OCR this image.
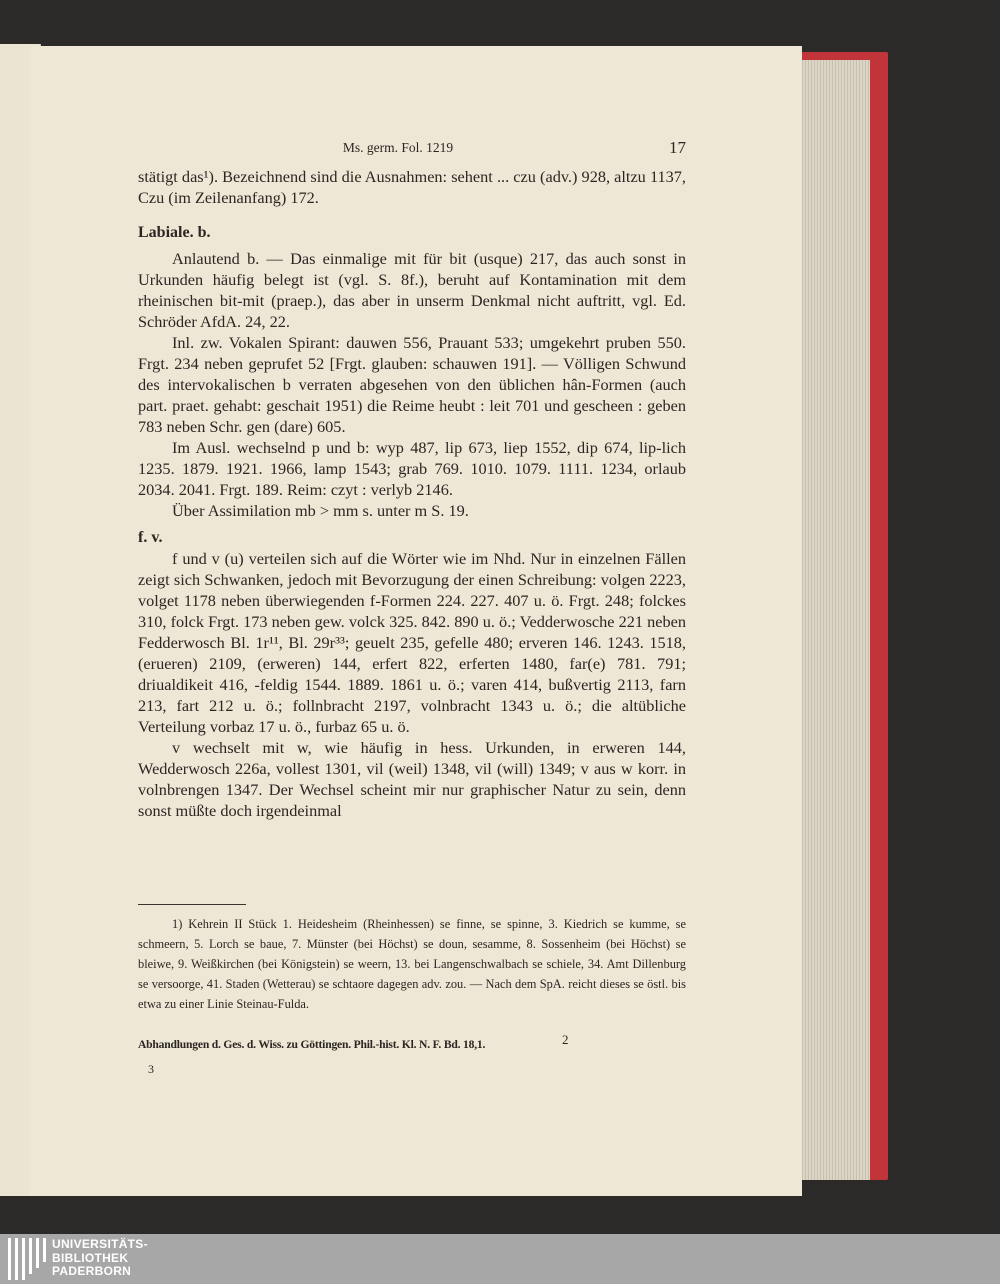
Ms. germ. Fol. 1219	17

stätigt das¹). Bezeichnend sind die Ausnahmen: sehent ... czu (adv.) 928, altzu 1137, Czu (im Zeilenanfang) 172.

Labiale. b.

Anlautend b. — Das einmalige mit für bit (usque) 217, das auch sonst in Urkunden häufig belegt ist (vgl. S. 8f.), beruht auf Kontamination mit dem rheinischen bit-mit (praep.), das aber in unserm Denkmal nicht auftritt, vgl. Ed. Schröder AfdA. 24, 22.

Inl. zw. Vokalen Spirant: dauwen 556, Prauant 533; umgekehrt pruben 550. Frgt. 234 neben geprufet 52 [Frgt. glauben: schauwen 191]. — Völligen Schwund des intervokalischen b verraten abgesehen von den üblichen hân-Formen (auch part. praet. gehabt: geschait 1951) die Reime heubt : leit 701 und gescheen : geben 783 neben Schr. gen (dare) 605.

Im Ausl. wechselnd p und b: wyp 487, lip 673, liep 1552, dip 674, lip-lich 1235. 1879. 1921. 1966, lamp 1543; grab 769. 1010. 1079. 1111. 1234, orlaub 2034. 2041. Frgt. 189. Reim: czyt : verlyb 2146.

Über Assimilation mb > mm s. unter m S. 19.

f. v.

f und v (u) verteilen sich auf die Wörter wie im Nhd. Nur in einzelnen Fällen zeigt sich Schwanken, jedoch mit Bevorzugung der einen Schreibung: volgen 2223, volget 1178 neben überwiegenden f-Formen 224. 227. 407 u. ö. Frgt. 248; folckes 310, folck Frgt. 173 neben gew. volck 325. 842. 890 u. ö.; Vedderwosche 221 neben Fedderwosch Bl. 1r¹¹, Bl. 29r³³; geuelt 235, gefelle 480; erveren 146. 1243. 1518, (erueren) 2109, (erweren) 144, erfert 822, erferten 1480, far(e) 781. 791; driualdikeit 416, -feldig 1544. 1889. 1861 u. ö.; varen 414, bußvertig 2113, farn 213, fart 212 u. ö.; follnbracht 2197, volnbracht 1343 u. ö.; die altübliche Verteilung vorbaz 17 u. ö., furbaz 65 u. ö.

v wechselt mit w, wie häufig in hess. Urkunden, in erweren 144, Wedderwosch 226a, vollest 1301, vil (weil) 1348, vil (will) 1349; v aus w korr. in volnbrengen 1347. Der Wechsel scheint mir nur graphischer Natur zu sein, denn sonst müßte doch irgendeinmal

1) Kehrein II Stück 1. Heidesheim (Rheinhessen) se finne, se spinne, 3. Kiedrich se kumme, se schmeern, 5. Lorch se baue, 7. Münster (bei Höchst) se doun, sesamme, 8. Sossenheim (bei Höchst) se bleiwe, 9. Weißkirchen (bei Königstein) se weern, 13. bei Langenschwalbach se schiele, 34. Amt Dillenburg se versoorge, 41. Staden (Wetterau) se schtaore dagegen adv. zou. — Nach dem SpA. reicht dieses se östl. bis etwa zu einer Linie Steinau-Fulda.

Abhandlungen d. Ges. d. Wiss. zu Göttingen. Phil.-hist. Kl. N. F. Bd. 18,1.	2
3
UNIVERSITÄTS-
BIBLIOTHEK
PADERBORN
